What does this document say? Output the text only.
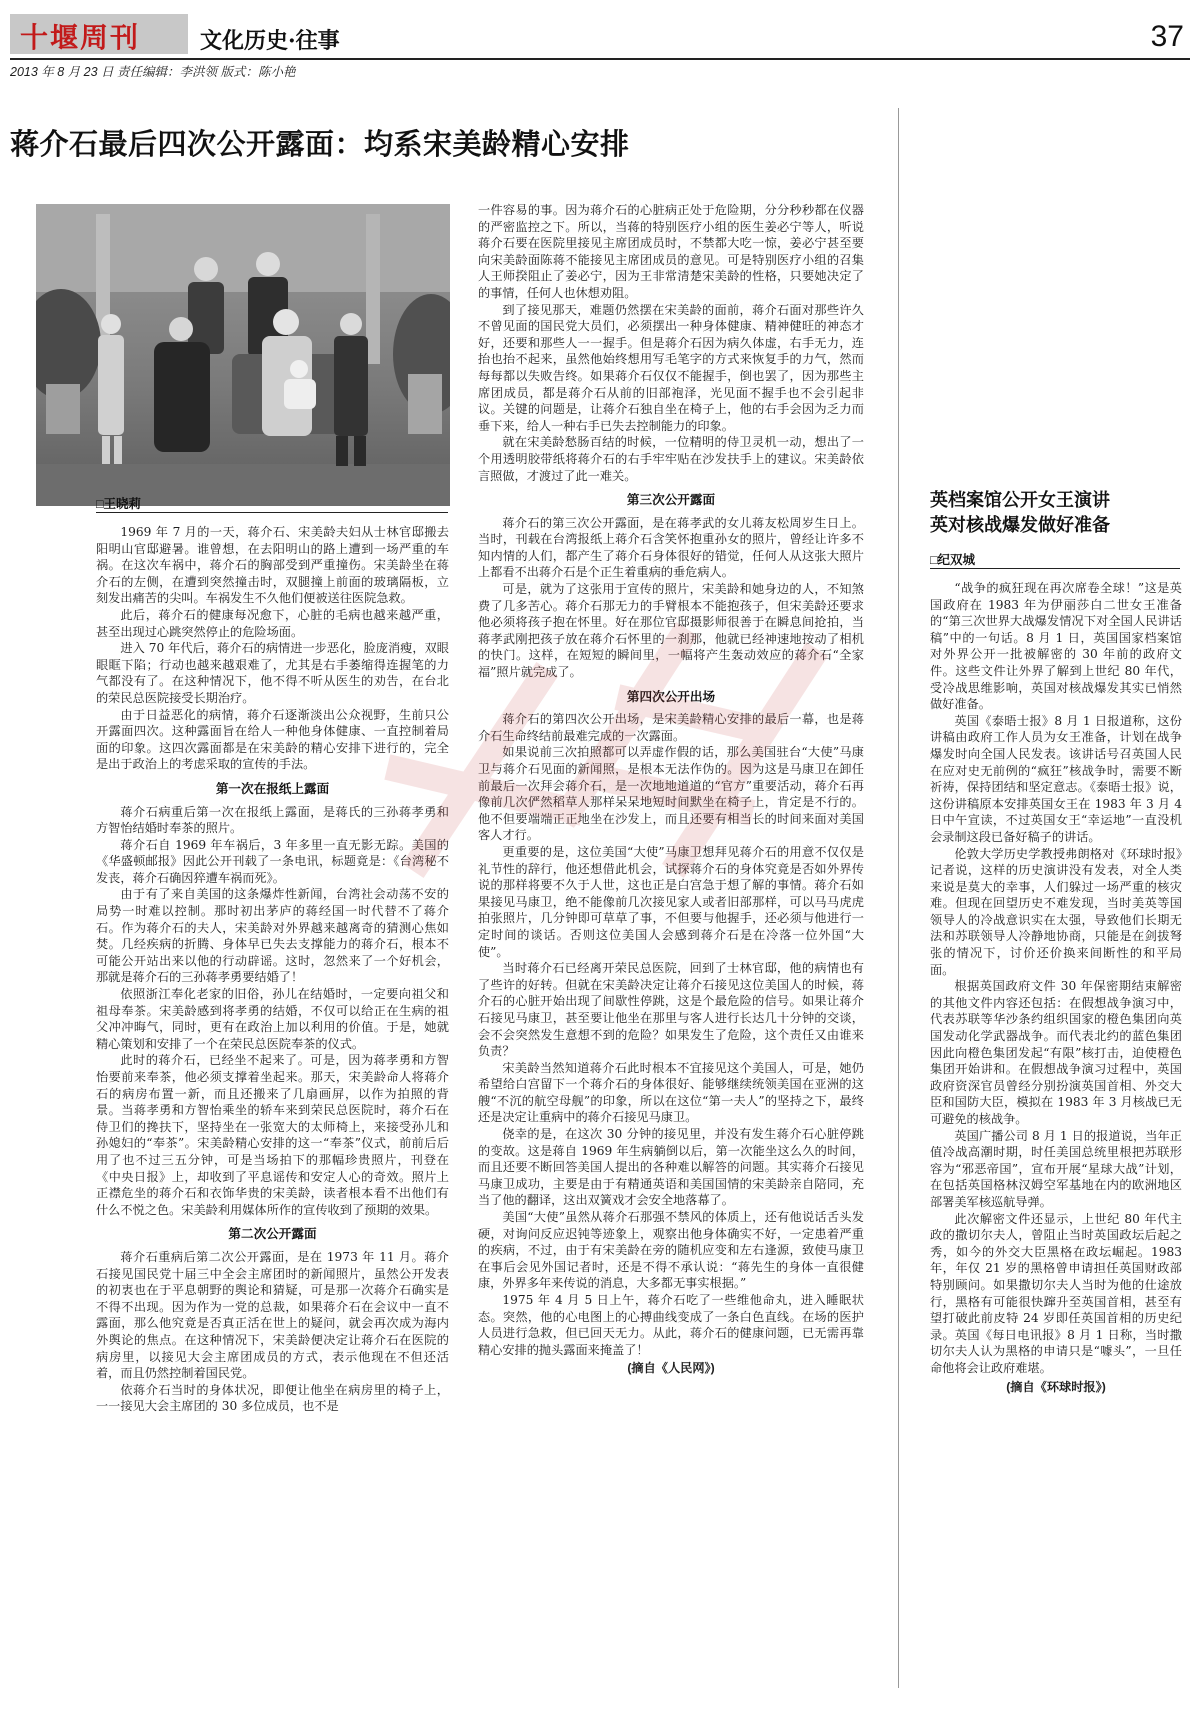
十堰周刊	文化历史·往事	37
2013 年 8 月 23 日 责任编辑：李洪领 版式：陈小艳
蒋介石最后四次公开露面：均系宋美龄精心安排
□王晓莉

1969 年 7 月的一天，蒋介石、宋美龄夫妇从士林官邸搬去阳明山官邸避暑。谁曾想，在去阳明山的路上遭到一场严重的车祸。在这次车祸中，蒋介石的胸部受到严重撞伤。宋美龄坐在蒋介石的左侧，在遭到突然撞击时，双腿撞上前面的玻璃隔板，立刻发出痛苦的尖叫。车祸发生不久他们便被送往医院急救。

此后，蒋介石的健康每况愈下，心脏的毛病也越来越严重，甚至出现过心跳突然停止的危险场面。

进入 70 年代后，蒋介石的病情进一步恶化，脸庞消瘦，双眼眼眶下陷；行动也越来越艰难了，尤其是右手萎缩得连握笔的力气都没有了。在这种情况下，他不得不听从医生的劝告，在台北的荣民总医院接受长期治疗。

由于日益恶化的病情，蒋介石逐渐淡出公众视野，生前只公开露面四次。这种露面旨在给人一种他身体健康、一直控制着局面的印象。这四次露面都是在宋美龄的精心安排下进行的，完全是出于政治上的考虑采取的宣传的手法。

第一次在报纸上露面

蒋介石病重后第一次在报纸上露面，是蒋氏的三孙蒋孝勇和方智怡结婚时奉茶的照片。

蒋介石自 1969 年车祸后，3 年多里一直无影无踪。美国的《华盛顿邮报》因此公开刊载了一条电讯，标题竟是：《台湾秘不发丧，蒋介石确因猝遭车祸而死》。

由于有了来自美国的这条爆炸性新闻，台湾社会动荡不安的局势一时难以控制。那时初出茅庐的蒋经国一时代替不了蒋介石。作为蒋介石的夫人，宋美龄对外界越来越离奇的猜测心焦如焚。几经疾病的折腾、身体早已失去支撑能力的蒋介石，根本不可能公开站出来以他的行动辟谣。这时，忽然来了一个好机会，那就是蒋介石的三孙蒋孝勇要结婚了！

依照浙江奉化老家的旧俗，孙儿在结婚时，一定要向祖父和祖母奉茶。宋美龄感到将孝勇的结婚，不仅可以给正在生病的祖父冲冲晦气，同时，更有在政治上加以利用的价值。于是，她就精心策划和安排了一个在荣民总医院奉茶的仪式。

此时的蒋介石，已经坐不起来了。可是，因为蒋孝勇和方智怡要前来奉茶，他必须支撑着坐起来。那天，宋美龄命人将蒋介石的病房布置一新，而且还搬来了几扇画屏，以作为拍照的背景。当蒋孝勇和方智怡乘坐的轿车来到荣民总医院时，蒋介石在侍卫们的搀扶下，坚持坐在一张宽大的太师椅上，来接受孙儿和孙媳妇的“奉茶”。宋美龄精心安排的这一“奉茶”仪式，前前后后用了也不过三五分钟，可是当场拍下的那幅珍贵照片，刊登在《中央日报》上，却收到了平息谣传和安定人心的奇效。照片上正襟危坐的蒋介石和衣饰华贵的宋美龄，读者根本看不出他们有什么不悦之色。宋美龄利用媒体所作的宣传收到了预期的效果。

第二次公开露面

蒋介石重病后第二次公开露面，是在 1973 年 11 月。蒋介石接见国民党十届三中全会主席团时的新闻照片，虽然公开发表的初衷也在于平息朝野的舆论和猜疑，可是那一次蒋介石确实是不得不出现。因为作为一党的总裁，如果蒋介石在会议中一直不露面，那么他究竟是否真正活在世上的疑问，就会再次成为海内外舆论的焦点。在这种情况下，宋美龄便决定让蒋介石在医院的病房里，以接见大会主席团成员的方式，表示他现在不但还活着，而且仍然控制着国民党。

依蒋介石当时的身体状况，即便让他坐在病房里的椅子上，一一接见大会主席团的 30 多位成员，也不是

一件容易的事。因为蒋介石的心脏病正处于危险期，分分秒秒都在仪器的严密监控之下。所以，当蒋的特别医疗小组的医生姜必宁等人，听说蒋介石要在医院里接见主席团成员时，不禁都大吃一惊，姜必宁甚至要向宋美龄面陈蒋不能接见主席团成员的意见。可是特别医疗小组的召集人王师揆阻止了姜必宁，因为王非常清楚宋美龄的性格，只要她决定了的事情，任何人也休想劝阻。

到了接见那天，难题仍然摆在宋美龄的面前，蒋介石面对那些许久不曾见面的国民党大员们，必须摆出一种身体健康、精神健旺的神态才好，还要和那些人一一握手。但是蒋介石因为病久体虚，右手无力，连抬也抬不起来，虽然他始终想用写毛笔字的方式来恢复手的力气，然而每每都以失败告终。如果蒋介石仅仅不能握手，倒也罢了，因为那些主席团成员，都是蒋介石从前的旧部袍泽，光见面不握手也不会引起非议。关键的问题是，让蒋介石独自坐在椅子上，他的右手会因为乏力而垂下来，给人一种右手已失去控制能力的印象。

就在宋美龄愁肠百结的时候，一位精明的侍卫灵机一动，想出了一个用透明胶带纸将蒋介石的右手牢牢贴在沙发扶手上的建议。宋美龄依言照做，才渡过了此一难关。

第三次公开露面

蒋介石的第三次公开露面，是在蒋孝武的女儿蒋友松周岁生日上。当时，刊载在台湾报纸上蒋介石含笑怀抱重孙女的照片，曾经让许多不知内情的人们，都产生了蒋介石身体很好的错觉，任何人从这张大照片上都看不出蒋介石是个正生着重病的垂危病人。

可是，就为了这张用于宣传的照片，宋美龄和她身边的人，不知煞费了几多苦心。蒋介石那无力的手臂根本不能抱孩子，但宋美龄还要求他必须将孩子抱在怀里。好在那位官邸摄影师很善于在瞬息间抢拍，当蒋孝武刚把孩子放在蒋介石怀里的一刹那，他就已经神速地按动了相机的快门。这样，在短短的瞬间里，一幅将产生轰动效应的蒋介石“全家福”照片就完成了。

第四次公开出场

蒋介石的第四次公开出场，是宋美龄精心安排的最后一幕，也是蒋介石生命终结前最难完成的一次露面。

如果说前三次拍照都可以弄虚作假的话，那么美国驻台“大使”马康卫与蒋介石见面的新闻照，是根本无法作伪的。因为这是马康卫在卸任前最后一次拜会蒋介石，是一次地地道道的“官方”重要活动，蒋介石再像前几次俨然稻草人那样呆呆地短时间默坐在椅子上，肯定是不行的。他不但要端端正正地坐在沙发上，而且还要有相当长的时间来面对美国客人才行。

更重要的是，这位美国“大使”马康卫想拜见蒋介石的用意不仅仅是礼节性的辞行，他还想借此机会，试探蒋介石的身体究竟是否如外界传说的那样将要不久于人世，这也正是白宫急于想了解的事情。蒋介石如果接见马康卫，绝不能像前几次接见家人或者旧部那样，可以马马虎虎拍张照片，几分钟即可草草了事，不但要与他握手，还必须与他进行一定时间的谈话。否则这位美国人会感到蒋介石是在冷落一位外国“大使”。

当时蒋介石已经离开荣民总医院，回到了士林官邸，他的病情也有了些许的好转。但就在宋美龄决定让蒋介石接见这位美国人的时候，蒋介石的心脏开始出现了间歇性停跳，这是个最危险的信号。如果让蒋介石接见马康卫，甚至要让他坐在那里与客人进行长达几十分钟的交谈，会不会突然发生意想不到的危险？如果发生了危险，这个责任又由谁来负责？

宋美龄当然知道蒋介石此时根本不宜接见这个美国人，可是，她仍希望给白宫留下一个蒋介石的身体很好、能够继续统领美国在亚洲的这艘“不沉的航空母舰”的印象，所以在这位“第一夫人”的坚持之下，最终还是决定让重病中的蒋介石接见马康卫。

侥幸的是，在这次 30 分钟的接见里，并没有发生蒋介石心脏停跳的变故。这是蒋自 1969 年生病躺倒以后，第一次能坐这么久的时间，而且还要不断回答美国人提出的各种难以解答的问题。其实蒋介石接见马康卫成功，主要是由于有精通英语和美国国情的宋美龄亲自陪同，充当了他的翻译，这出双簧戏才会安全地落幕了。

美国“大使”虽然从蒋介石那强不禁风的体质上，还有他说话舌头发硬，对询问反应迟钝等迹象上，观察出他身体确实不好，一定患着严重的疾病，不过，由于有宋美龄在旁的随机应变和左右逢源，致使马康卫在事后会见外国记者时，还是不得不承认说：“蒋先生的身体一直很健康，外界多年来传说的消息，大多都无事实根据。”

1975 年 4 月 5 日上午，蒋介石吃了一些维他命丸，进入睡眠状态。突然，他的心电图上的心搏曲线变成了一条白色直线。在场的医护人员进行急救，但已回天无力。从此，蒋介石的健康问题，已无需再靠精心安排的抛头露面来掩盖了！

(摘自《人民网》)

英档案馆公开女王演讲
英对核战爆发做好准备
□纪双城

“战争的疯狂现在再次席卷全球！”这是英国政府在 1983 年为伊丽莎白二世女王准备的“第三次世界大战爆发情况下对全国人民讲话稿”中的一句话。8 月 1 日，英国国家档案馆对外界公开一批被解密的 30 年前的政府文件。这些文件让外界了解到上世纪 80 年代，受冷战思维影响，英国对核战爆发其实已悄然做好准备。

英国《泰晤士报》8 月 1 日报道称，这份讲稿由政府工作人员为女王准备，计划在战争爆发时向全国人民发表。该讲话号召英国人民在应对史无前例的“疯狂”核战争时，需要不断祈祷，保持团结和坚定意志。《泰晤士报》说，这份讲稿原本安排英国女王在 1983 年 3 月 4 日中午宣读，不过英国女王“幸运地”一直没机会录制这段已备好稿子的讲话。

伦敦大学历史学教授弗朗格对《环球时报》记者说，这样的历史演讲没有发表，对全人类来说是莫大的幸事，人们躲过一场严重的核灾难。但现在回望历史不难发现，当时美英等国领导人的冷战意识实在太强，导致他们长期无法和苏联领导人冷静地协商，只能是在剑拔弩张的情况下，讨价还价换来间断性的和平局面。

根据英国政府文件 30 年保密期结束解密的其他文件内容还包括：在假想战争演习中，代表苏联等华沙条约组织国家的橙色集团向英国发动化学武器战争。而代表北约的蓝色集团因此向橙色集团发起“有限”核打击，迫使橙色集团开始讲和。在假想战争演习过程中，英国政府资深官员曾经分别扮演英国首相、外交大臣和国防大臣，模拟在 1983 年 3 月核战已无可避免的核战争。

英国广播公司 8 月 1 日的报道说，当年正值冷战高潮时期，时任美国总统里根把苏联形容为“邪恶帝国”，宣布开展“星球大战”计划，在包括英国格林汉姆空军基地在内的欧洲地区部署美军核巡航导弹。

此次解密文件还显示，上世纪 80 年代主政的撒切尔夫人，曾阻止当时英国政坛后起之秀，如今的外交大臣黑格在政坛崛起。1983 年，年仅 21 岁的黑格曾申请担任英国财政部特别顾问。如果撒切尔夫人当时为他的仕途放行，黑格有可能很快蹿升至英国首相，甚至有望打破此前皮特 24 岁即任英国首相的历史纪录。英国《每日电讯报》8 月 1 日称，当时撒切尔夫人认为黑格的申请只是“噱头”，一旦任命他将会让政府难堪。

(摘自《环球时报》)
